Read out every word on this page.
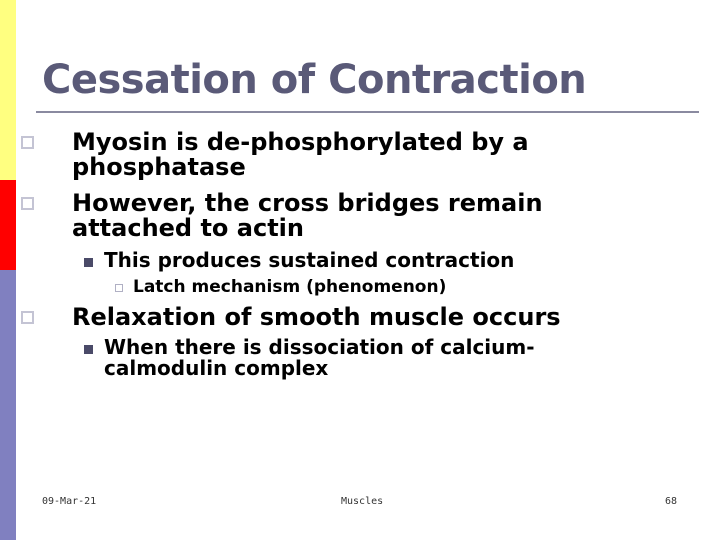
Cessation of Contraction
Myosin is de-phosphorylated by a phosphatase
However, the cross bridges remain attached to actin
This produces sustained contraction
Latch mechanism (phenomenon)
Relaxation of smooth muscle occurs
When there is dissociation of calcium-calmodulin complex
09-Mar-21	Muscles	68
